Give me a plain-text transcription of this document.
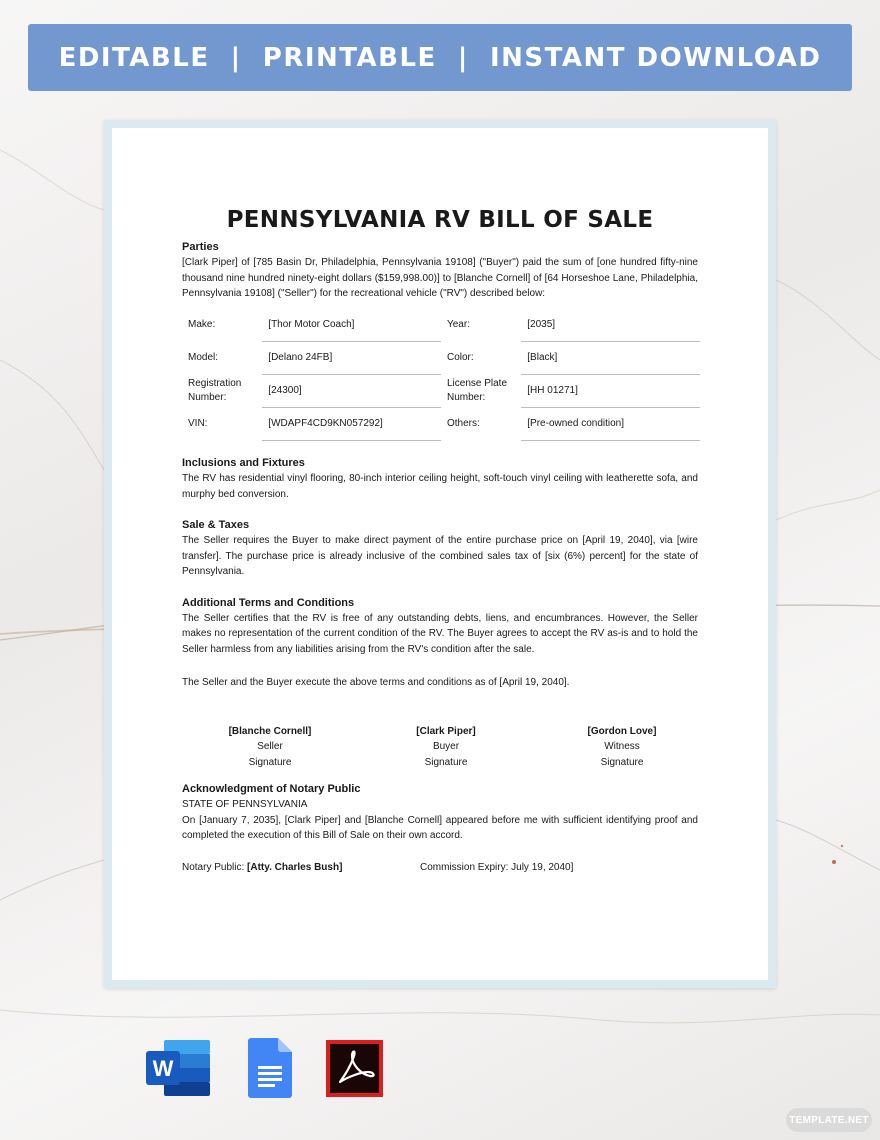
EDITABLE  |  PRINTABLE  |  INSTANT DOWNLOAD
PENNSYLVANIA RV BILL OF SALE
Parties
[Clark Piper] of [785 Basin Dr, Philadelphia, Pennsylvania 19108] ("Buyer") paid the sum of [one hundred fifty-nine thousand nine hundred ninety-eight dollars ($159,998.00)] to [Blanche Cornell] of [64 Horseshoe Lane, Philadelphia, Pennsylvania 19108] ("Seller") for the recreational vehicle ("RV") described below:
Make:	[Thor Motor Coach]	Year:	[2035]
Model:	[Delano 24FB]	Color:	[Black]
Registration Number:	[24300]	License Plate Number:	[HH 01271]
VIN:	[WDAPF4CD9KN057292]	Others:	[Pre-owned condition]
Inclusions and Fixtures
The RV has residential vinyl flooring, 80-inch interior ceiling height, soft-touch vinyl ceiling with leatherette sofa, and murphy bed conversion.
Sale & Taxes
The Seller requires the Buyer to make direct payment of the entire purchase price on [April 19, 2040], via [wire transfer]. The purchase price is already inclusive of the combined sales tax of [six (6%) percent] for the state of Pennsylvania.
Additional Terms and Conditions
The Seller certifies that the RV is free of any outstanding debts, liens, and encumbrances. However, the Seller makes no representation of the current condition of the RV. The Buyer agrees to accept the RV as-is and to hold the Seller harmless from any liabilities arising from the RV's condition after the sale.
The Seller and the Buyer execute the above terms and conditions as of [April 19, 2040].
[Blanche Cornell]
Seller
Signature
[Clark Piper]
Buyer
Signature
[Gordon Love]
Witness
Signature
Acknowledgment of Notary Public
STATE OF PENNSYLVANIA
On [January 7, 2035], [Clark Piper] and [Blanche Cornell] appeared before me with sufficient identifying proof and completed the execution of this Bill of Sale on their own accord.
Notary Public: [Atty. Charles Bush]	Commission Expiry: July 19, 2040]
W
TEMPLATE.NET
